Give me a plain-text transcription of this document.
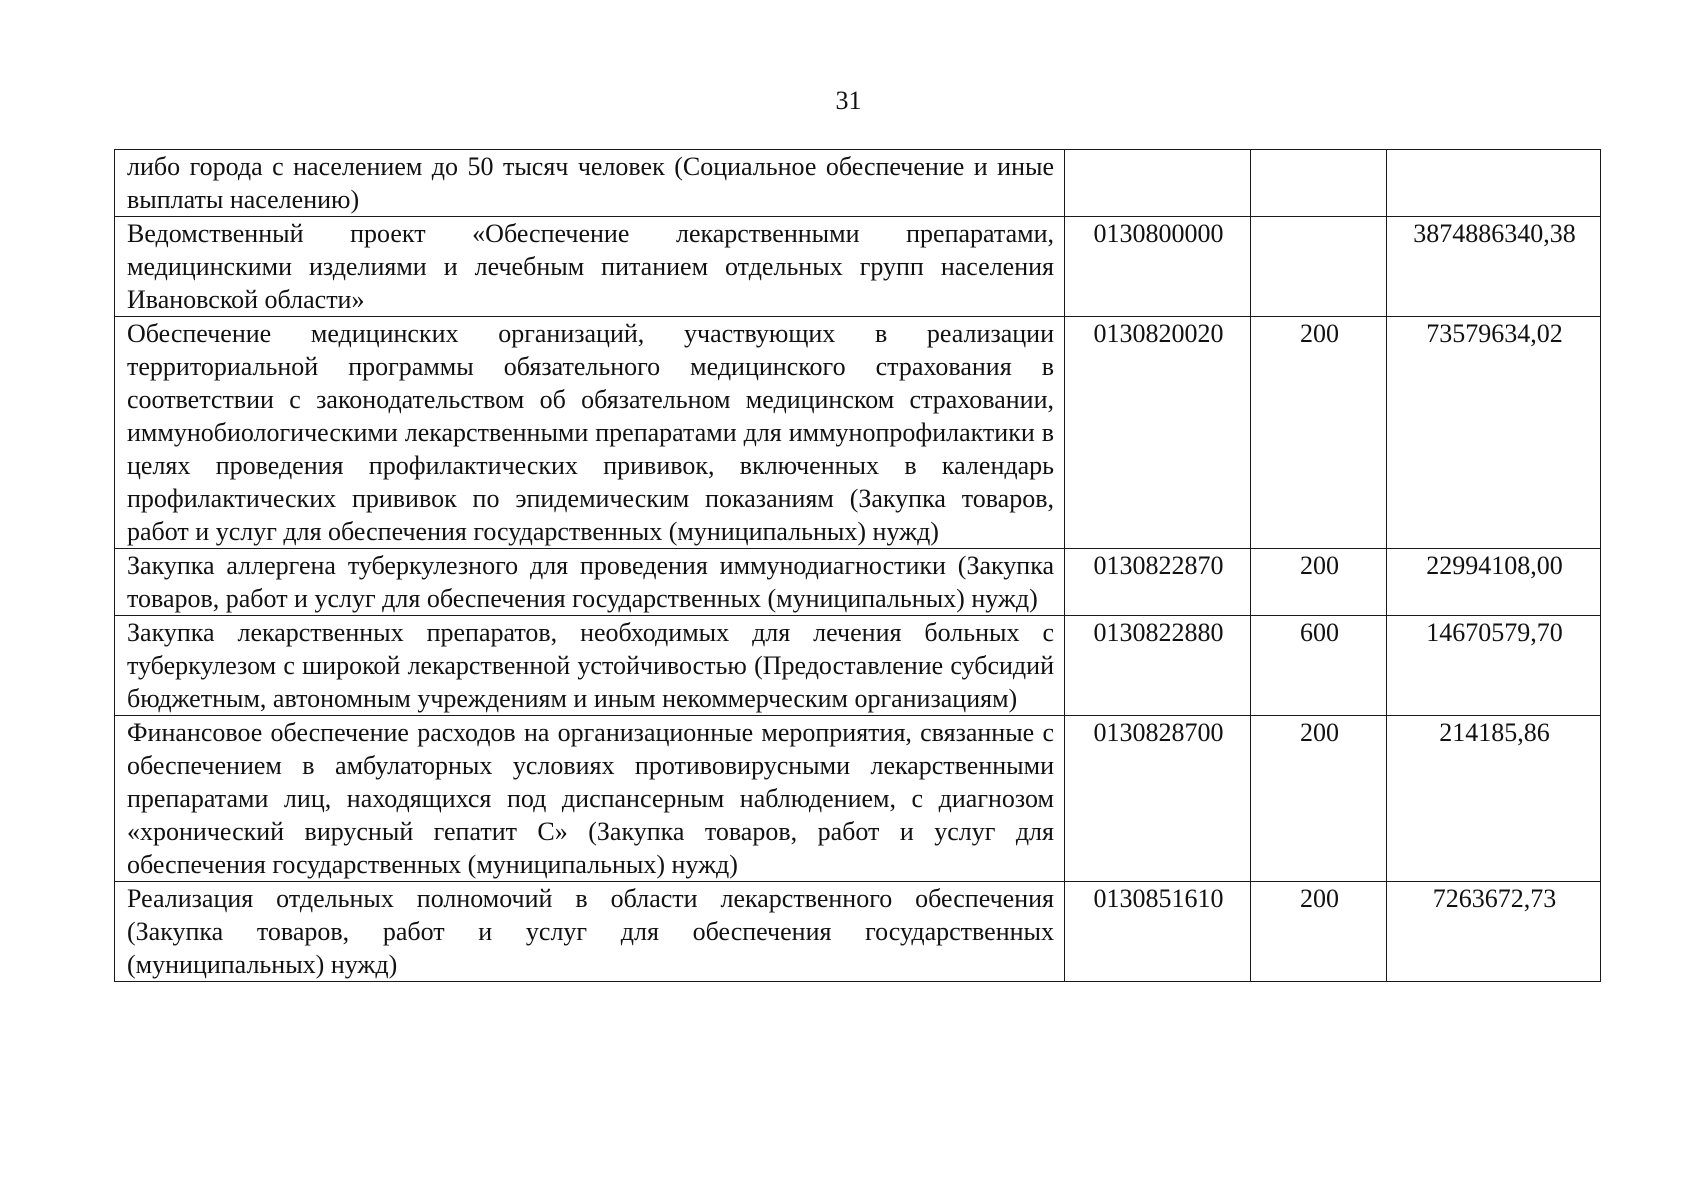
31
либо города с населением до 50 тысяч человек (Социальное обеспечение и иные выплаты населению)			
Ведомственный проект «Обеспечение лекарственными препаратами, медицинскими изделиями и лечебным питанием отдельных групп населения Ивановской области»	0130800000		3874886340,38
Обеспечение медицинских организаций, участвующих в реализации территориальной программы обязательного медицинского страхования в соответствии с законодательством об обязательном медицинском страховании, иммунобиологическими лекарственными препаратами для иммунопрофилактики в целях проведения профилактических прививок, включенных в календарь профилактических прививок по эпидемическим показаниям (Закупка товаров, работ и услуг для обеспечения государственных (муниципальных) нужд)	0130820020	200	73579634,02
Закупка аллергена туберкулезного для проведения иммунодиагностики (Закупка товаров, работ и услуг для обеспечения государственных (муниципальных) нужд)	0130822870	200	22994108,00
Закупка лекарственных препаратов, необходимых для лечения больных с туберкулезом с широкой лекарственной устойчивостью (Предоставление субсидий бюджетным, автономным учреждениям и иным некоммерческим организациям)	0130822880	600	14670579,70
Финансовое обеспечение расходов на организационные мероприятия, связанные с обеспечением в амбулаторных условиях противовирусными лекарственными препаратами лиц, находящихся под диспансерным наблюдением, с диагнозом «хронический вирусный гепатит С» (Закупка товаров, работ и услуг для обеспечения государственных (муниципальных) нужд)	0130828700	200	214185,86
Реализация отдельных полномочий в области лекарственного обеспечения (Закупка товаров, работ и услуг для обеспечения государственных (муниципальных) нужд)	0130851610	200	7263672,73
